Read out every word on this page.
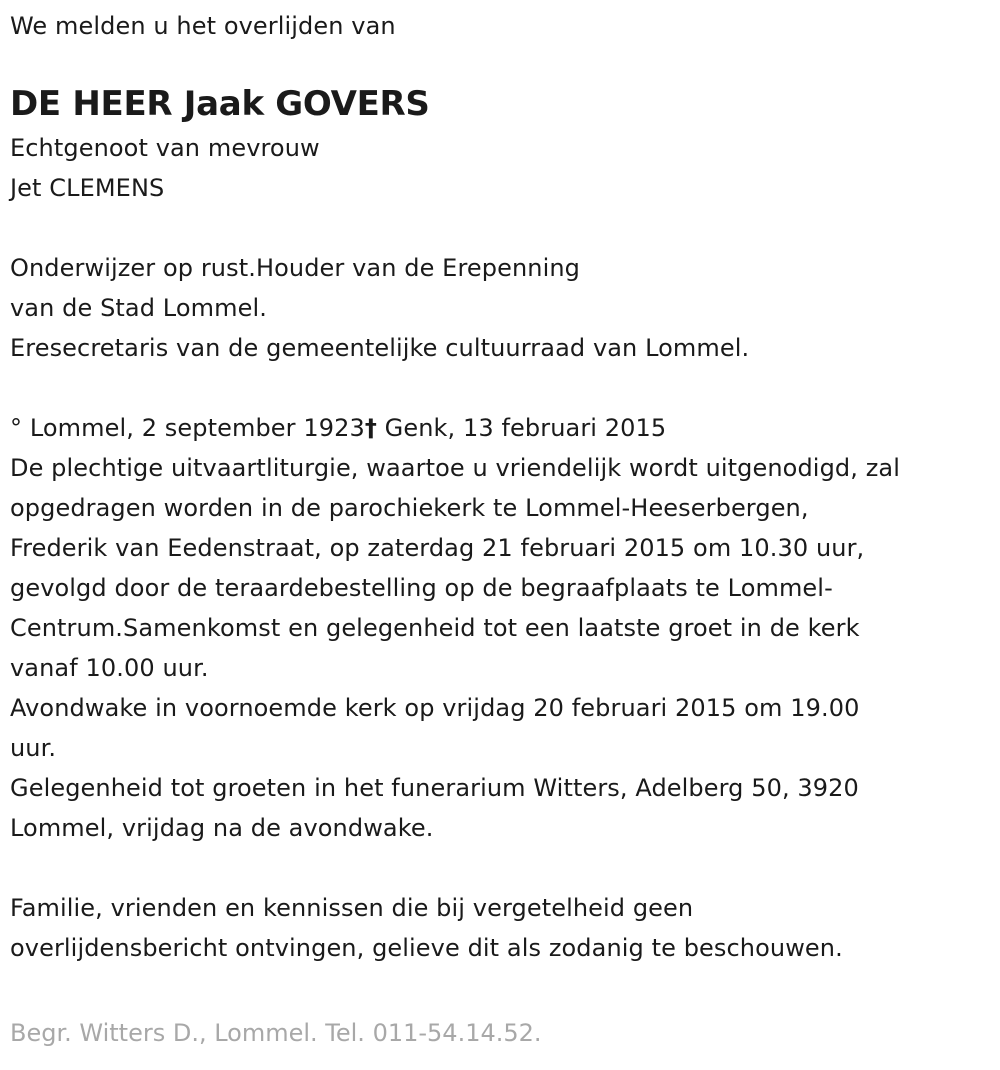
We melden u het overlijden van
DE HEER Jaak GOVERS
Echtgenoot van mevrouw
Jet CLEMENS
Onderwijzer op rust.Houder van de Erepenning
van de Stad Lommel.
Eresecretaris van de gemeentelijke cultuurraad van Lommel.
° Lommel, 2 september 1923† Genk, 13 februari 2015
De plechtige uitvaartliturgie, waartoe u vriendelijk wordt uitgenodigd, zal
opgedragen worden in de parochiekerk te Lommel-Heeserbergen,
Frederik van Eedenstraat, op zaterdag 21 februari 2015 om 10.30 uur,
gevolgd door de teraardebestelling op de begraafplaats te Lommel-
Centrum.Samenkomst en gelegenheid tot een laatste groet in de kerk
vanaf 10.00 uur.
Avondwake in voornoemde kerk op vrijdag 20 februari 2015 om 19.00
uur.
Gelegenheid tot groeten in het funerarium Witters, Adelberg 50, 3920
Lommel, vrijdag na de avondwake.
Familie, vrienden en kennissen die bij vergetelheid geen
overlijdensbericht ontvingen, gelieve dit als zodanig te beschouwen.
Begr. Witters D., Lommel. Tel. 011-54.14.52.
